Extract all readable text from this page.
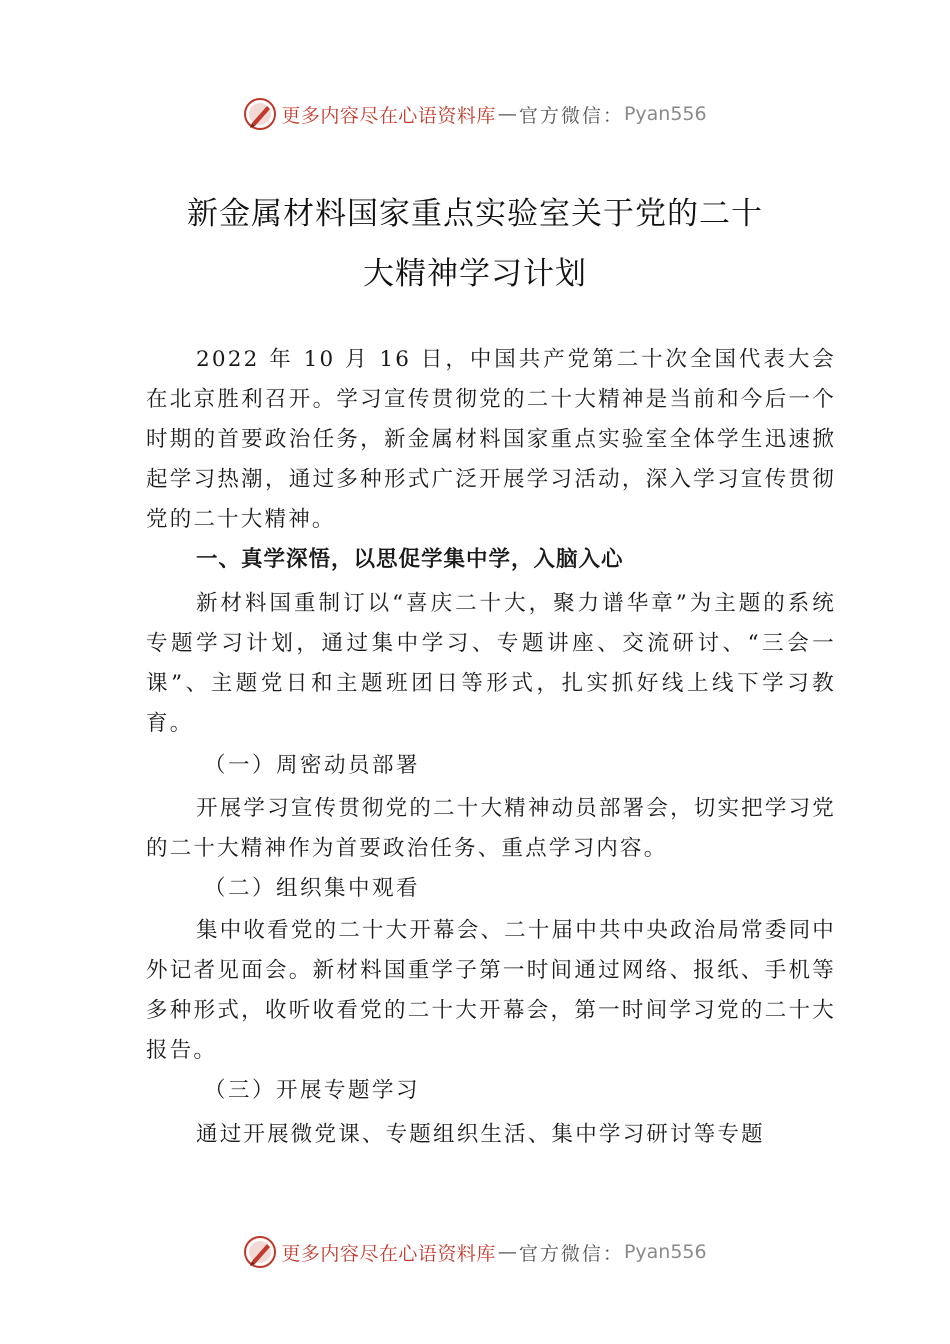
更多内容尽在心语资料库 — 官方微信： Pyan556
新金属材料国家重点实验室关于党的二十
大精神学习计划

2022 年 10 月 16 日，中国共产党第二十次全国代表大会在北京胜利召开。学习宣传贯彻党的二十大精神是当前和今后一个时期的首要政治任务，新金属材料国家重点实验室全体学生迅速掀起学习热潮，通过多种形式广泛开展学习活动，深入学习宣传贯彻党的二十大精神。

一、真学深悟，以思促学集中学，入脑入心

新材料国重制订以“喜庆二十大，聚力谱华章”为主题的系统专题学习计划，通过集中学习、专题讲座、交流研讨、“三会一课”、主题党日和主题班团日等形式，扎实抓好线上线下学习教育。

（一）周密动员部署

开展学习宣传贯彻党的二十大精神动员部署会，切实把学习党的二十大精神作为首要政治任务、重点学习内容。

（二）组织集中观看

集中收看党的二十大开幕会、二十届中共中央政治局常委同中外记者见面会。新材料国重学子第一时间通过网络、报纸、手机等多种形式，收听收看党的二十大开幕会，第一时间学习党的二十大报告。

（三）开展专题学习

通过开展微党课、专题组织生活、集中学习研讨等专题

更多内容尽在心语资料库 — 官方微信： Pyan556
